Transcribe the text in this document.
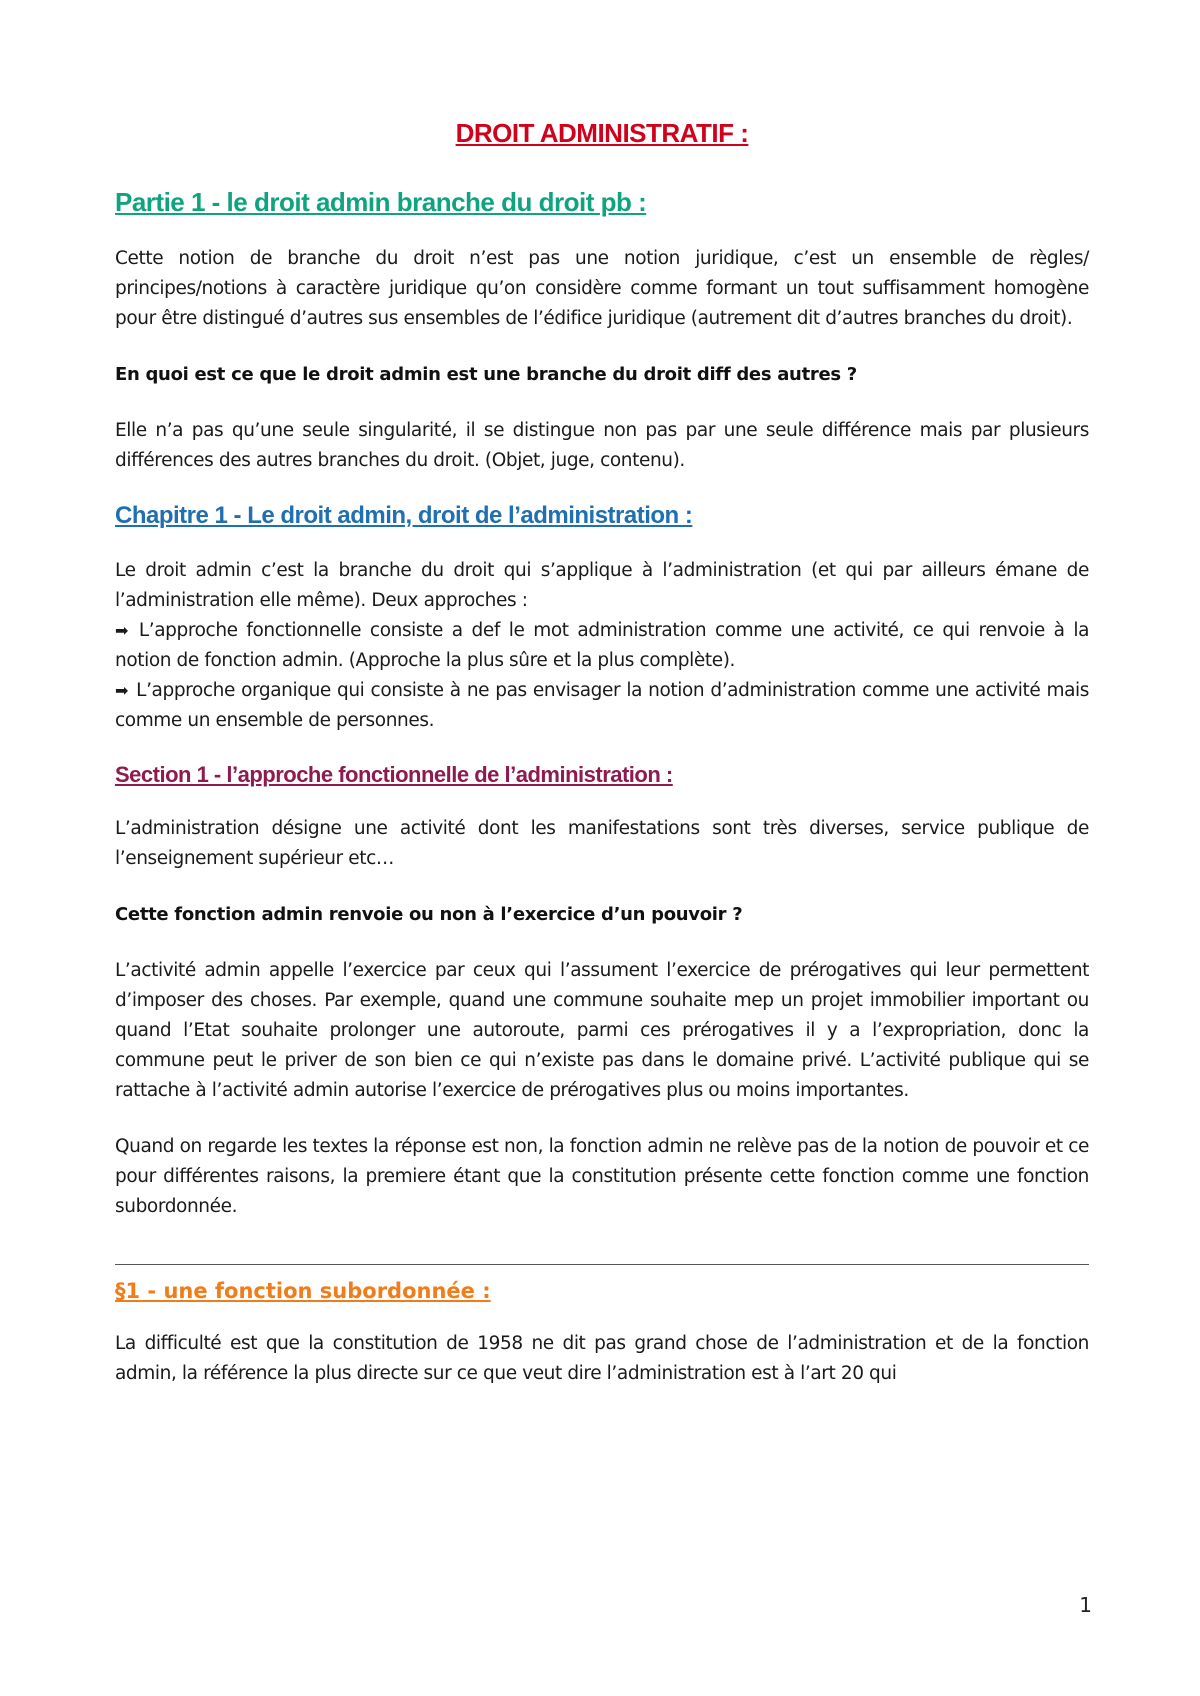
DROIT ADMINISTRATIF :
Partie 1 - le droit admin branche du droit pb :

Cette notion de branche du droit n’est pas une notion juridique, c’est un ensemble de règles/ principes/notions à caractère juridique qu’on considère comme formant un tout suffisamment homogène pour être distingué d’autres sus ensembles de l’édifice juridique (autrement dit d’autres branches du droit).

En quoi est ce que le droit admin est une branche du droit diff des autres ?

Elle n’a pas qu’une seule singularité, il se distingue non pas par une seule différence mais par plusieurs différences des autres branches du droit. (Objet, juge, contenu).

Chapitre 1 - Le droit admin, droit de l’administration :

Le droit admin c’est la branche du droit qui s’applique à l’administration (et qui par ailleurs émane de l’administration elle même). Deux approches :

➡ L’approche fonctionnelle consiste a def le mot administration comme une activité, ce qui renvoie à la notion de fonction admin. (Approche la plus sûre et la plus complète).

➡ L’approche organique qui consiste à ne pas envisager la notion d’administration comme une activité mais comme un ensemble de personnes.

Section 1 - l’approche fonctionnelle de l’administration :

L’administration désigne une activité dont les manifestations sont très diverses, service publique de l’enseignement supérieur etc…

Cette fonction admin renvoie ou non à l’exercice d’un pouvoir ?

L’activité admin appelle l’exercice par ceux qui l’assument l’exercice de prérogatives qui leur permettent d’imposer des choses. Par exemple, quand une commune souhaite mep un projet immobilier important ou quand l’Etat souhaite prolonger une autoroute, parmi ces prérogatives il y a l’expropriation, donc la commune peut le priver de son bien ce qui n’existe pas dans le domaine privé. L’activité publique qui se rattache à l’activité admin autorise l’exercice de prérogatives plus ou moins importantes.

Quand on regarde les textes la réponse est non, la fonction admin ne relève pas de la notion de pouvoir et ce pour différentes raisons, la premiere étant que la constitution présente cette fonction comme une fonction subordonnée.

§1 - une fonction subordonnée :

La difficulté est que la constitution de 1958 ne dit pas grand chose de l’administration et de la fonction admin, la référence la plus directe sur ce que veut dire l’administration est à l’art 20 qui

1
